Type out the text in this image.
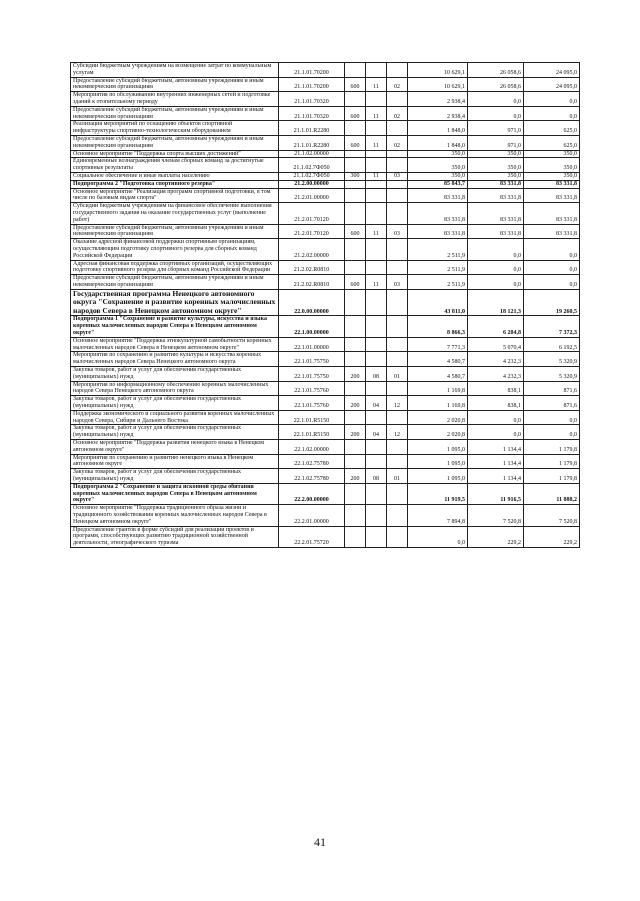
Субсидии бюджетным учреждениям на возмещение затрат по коммунальным услугам	21.1.01.70200				10 629,1	26 058,6	24 095,0
Предоставление субсидий бюджетным, автономным учреждениям и иным некоммерческим организациям	21.1.01.70200	600	11	02	10 629,1	26 058,6	24 095,0
Мероприятия по обслуживанию внутренних инженерных сетей и подготовке зданий к отопительному периоду	21.1.01.70320				2 938,4	0,0	0,0
Предоставление субсидий бюджетным, автономным учреждениям и иным некоммерческим организациям	21.1.01.70320	600	11	02	2 938,4	0,0	0,0
Реализация мероприятий по оснащению объектов спортивной инфраструктуры спортивно-технологическим оборудованием	21.1.01.R2280				1 848,0	971,0	625,0
Предоставление субсидий бюджетным, автономным учреждениям и иным некоммерческим организациям	21.1.01.R2280	600	11	02	1 848,0	971,0	625,0
Основное мероприятие "Поддержка спорта высших достижений"	21.1.02.00000				350,0	350,0	350,0
Единовременные вознаграждения членам сборных команд за достигнутые спортивные результаты	21.1.02.7Ф050				350,0	350,0	350,0
Социальное обеспечение и иные выплаты населению	21.1.02.7Ф050	300	11	03	350,0	350,0	350,0
Подпрограмма 2 "Подготовка спортивного резерва"	21.2.00.00000				85 843,7	83 331,8	83 331,8
Основное мероприятие "Реализация программ спортивной подготовки, в том числе по базовым видам спорта"	21.2.01.00000				83 331,8	83 331,8	83 331,8
Субсидии бюджетным учреждениям на финансовое обеспечение выполнения государственного задания на оказание государственных услуг (выполнение работ)	21.2.01.70120				83 331,8	83 331,8	83 331,8
Предоставление субсидий бюджетным, автономным учреждениям и иным некоммерческим организациям	21.2.01.70120	600	11	03	83 331,8	83 331,8	83 331,8
Оказание адресной финансовой поддержки спортивным организациям, осуществляющим подготовку спортивного резерва для сборных команд Российской Федерации	21.2.02.00000				2 511,9	0,0	0,0
Адресная финансовая поддержка спортивных организаций, осуществляющих подготовку спортивного резерва для сборных команд Российской Федерации	21.2.02.R0810				2 511,9	0,0	0,0
Предоставление субсидий бюджетным, автономным учреждениям и иным некоммерческим организациям	21.2.02.R0810	600	11	03	2 511,9	0,0	0,0
Государственная программа Ненецкого автономного округа "Сохранение и развитие коренных малочисленных народов Севера в Ненецком автономном округе"	22.0.00.00000				43 811,0	18 121,3	19 260,5
Подпрограмма 1 "Сохранение и развитие культуры, искусства и языка коренных малочисленных народов Севера в Ненецком автономном округе"	22.1.00.00000				8 866,3	6 204,8	7 372,3
Основное мероприятие "Поддержка этнокультурной самобытности коренных малочисленных народов Севера в Ненецком автономном округе"	22.1.01.00000				7 771,3	5 070,4	6 192,5
Мероприятия по сохранению и развитию культуры и искусства коренных малочисленных народов Севера Ненецкого автономного округа	22.1.01.75750				4 580,7	4 232,3	5 320,9
Закупка товаров, работ и услуг для обеспечения государственных (муниципальных) нужд	22.1.01.75750	200	08	01	4 580,7	4 232,3	5 320,9
Мероприятия по информационному обеспечению коренных малочисленных народов Севера Ненецкого автономного округа	22.1.01.75760				1 169,8	838,1	871,6
Закупка товаров, работ и услуг для обеспечения государственных (муниципальных) нужд	22.1.01.75760	200	04	12	1 169,8	838,1	871,6
Поддержка экономического и социального развития коренных малочисленных народов Севера, Сибири и Дальнего Востока	22.1.01.R5150				2 020,8	0,0	0,0
Закупка товаров, работ и услуг для обеспечения государственных (муниципальных) нужд	22.1.01.R5150	200	04	12	2 020,8	0,0	0,0
Основное мероприятие "Поддержка развития ненецкого языка в Ненецком автономном округе"	22.1.02.00000				1 095,0	1 134,4	1 179,8
Мероприятия по сохранению и развитию ненецкого языка в Ненецком автономном округе	22.1.02.75780				1 095,0	1 134,4	1 179,8
Закупка товаров, работ и услуг для обеспечения государственных (муниципальных) нужд	22.1.02.75780	200	08	01	1 095,0	1 134,4	1 179,8
Подпрограмма 2 "Сохранение и защита исконной среды обитания коренных малочисленных народов Севера в Ненецком автономном округе"	22.2.00.00000				11 919,5	11 916,5	11 888,2
Основное мероприятие "Поддержка традиционного образа жизни и традиционного хозяйствования коренных малочисленных народов Севера в Ненецком автономном округе"	22.2.01.00000				7 894,8	7 520,8	7 520,8
Предоставление грантов в форме субсидий для реализации проектов и программ, способствующих развитию традиционной хозяйственной деятельности, этнографического туризма	22.2.01.75720				0,0	229,2	229,2
41
